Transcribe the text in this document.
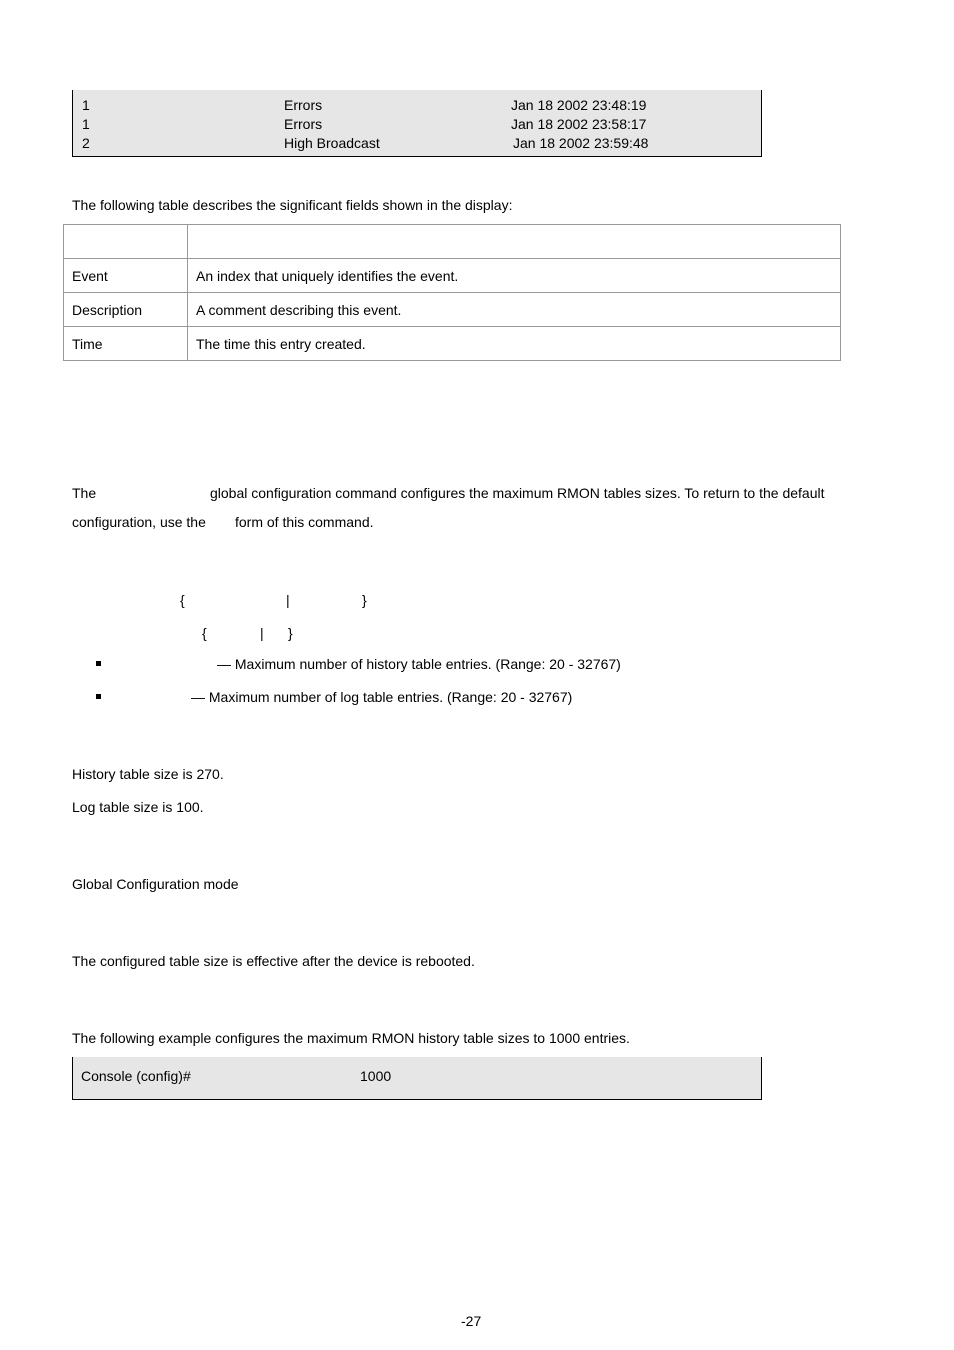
1	Errors	Jan 18 2002 23:48:19
1	Errors	Jan 18 2002 23:58:17
2	High Broadcast	Jan 18 2002 23:59:48
The following table describes the significant fields shown in the display:

Event	An index that uniquely identifies the event.
Description	A comment describing this event.
Time	The time this entry created.
The	global configuration command configures the maximum RMON tables sizes. To return to the default
configuration, use the form of this command.
{	|	}
{	| }
— Maximum number of history table entries. (Range: 20 - 32767)
— Maximum number of log table entries. (Range: 20 - 32767)
History table size is 270.
Log table size is 100.
Global Configuration mode
The configured table size is effective after the device is rebooted.
The following example configures the maximum RMON history table sizes to 1000 entries.
Console (config)#	1000
-27
